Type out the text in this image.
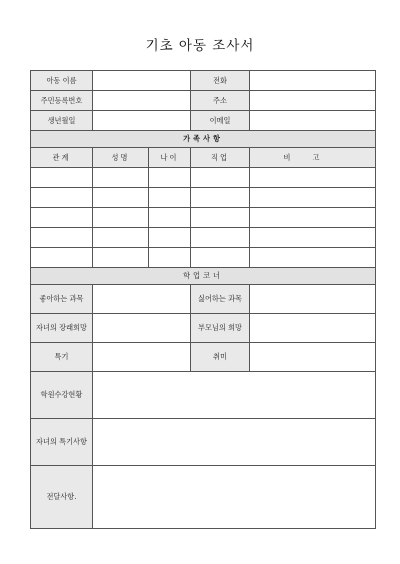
기초 아동 조사서
아동 이름			전화	
주민등록번호			주소	
생년월일			이메일	
가족사항				
관계	성명	나이	직업	비고

학업코너				
좋아하는 과목			싫어하는 과목	
자녀의 장래희망			부모님의 희망	
특기			취미	
학원수강현황				
자녀의 특기사항				
전달사항.				
